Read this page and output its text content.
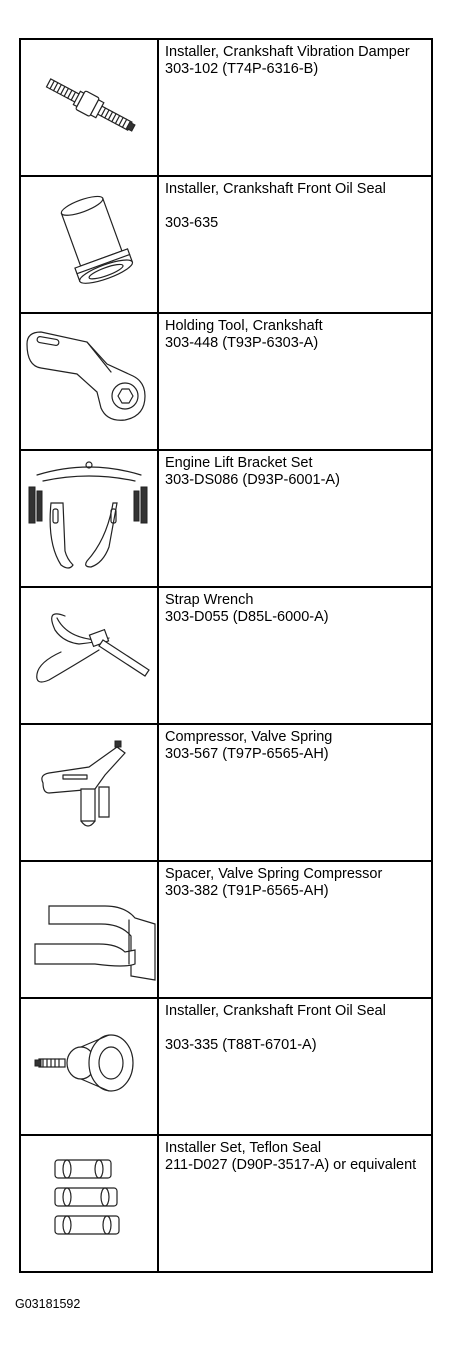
Installer, Crankshaft Vibration Damper
303-102 (T74P-6316-B)

Installer, Crankshaft Front Oil Seal
303-635

Holding Tool, Crankshaft
303-448 (T93P-6303-A)

Engine Lift Bracket Set
303-DS086 (D93P-6001-A)

Strap Wrench
303-D055 (D85L-6000-A)

Compressor, Valve Spring
303-567 (T97P-6565-AH)

Spacer, Valve Spring Compressor
303-382 (T91P-6565-AH)

Installer, Crankshaft Front Oil Seal
303-335 (T88T-6701-A)

Installer Set, Teflon Seal
211-D027 (D90P-3517-A) or equivalent
G03181592
